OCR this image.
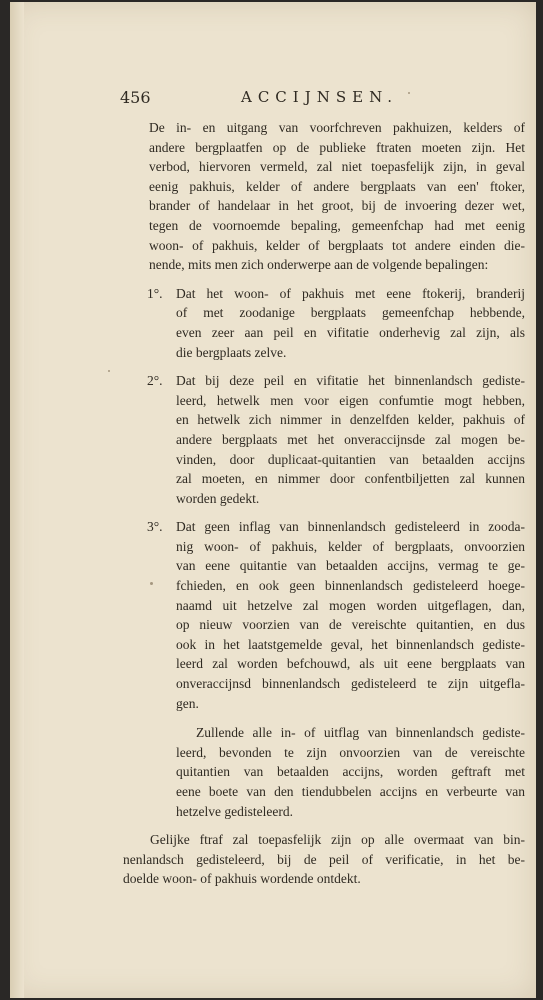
456	ACCIJNSEN.

De in- en uitgang van voorfchreven pakhuizen, kelders of
andere bergplaatfen op de publieke ftraten moeten zijn. Het
verbod, hiervoren vermeld, zal niet toepasfelijk zijn, in geval
eenig pakhuis, kelder of andere bergplaats van een' ftoker,
brander of handelaar in het groot, bij de invoering dezer wet,
tegen de voornoemde bepaling, gemeenfchap had met eenig
woon- of pakhuis, kelder of bergplaats tot andere einden die-
nende, mits men zich onderwerpe aan de volgende bepalingen:

1°. Dat het woon- of pakhuis met eene ftokerij, branderij
of met zoodanige bergplaats gemeenfchap hebbende,
even zeer aan peil en vifitatie onderhevig zal zijn, als
die bergplaats zelve.
2°. Dat bij deze peil en vifitatie het binnenlandsch gediste-
leerd, hetwelk men voor eigen confumtie mogt hebben,
en hetwelk zich nimmer in denzelfden kelder, pakhuis of
andere bergplaats met het onveraccijnsde zal mogen be-
vinden, door duplicaat-quitantien van betaalden accijns
zal moeten, en nimmer door confentbiljetten zal kunnen
worden gedekt.
3°. Dat geen inflag van binnenlandsch gedisteleerd in zooda-
nig woon- of pakhuis, kelder of bergplaats, onvoorzien
van eene quitantie van betaalden accijns, vermag te ge-
fchieden, en ook geen binnenlandsch gedisteleerd hoege-
naamd uit hetzelve zal mogen worden uitgeflagen, dan,
op nieuw voorzien van de vereischte quitantien, en dus
ook in het laatstgemelde geval, het binnenlandsch gediste-
leerd zal worden befchouwd, als uit eene bergplaats van
onveraccijnsd binnenlandsch gedisteleerd te zijn uitgefla-
gen.

Zullende alle in- of uitflag van binnenlandsch gediste-
leerd, bevonden te zijn onvoorzien van de vereischte
quitantien van betaalden accijns, worden geftraft met
eene boete van den tiendubbelen accijns en verbeurte van
hetzelve gedisteleerd.

Gelijke ftraf zal toepasfelijk zijn op alle overmaat van bin-
nenlandsch gedisteleerd, bij de peil of verificatie, in het be-
doelde woon- of pakhuis wordende ontdekt.
